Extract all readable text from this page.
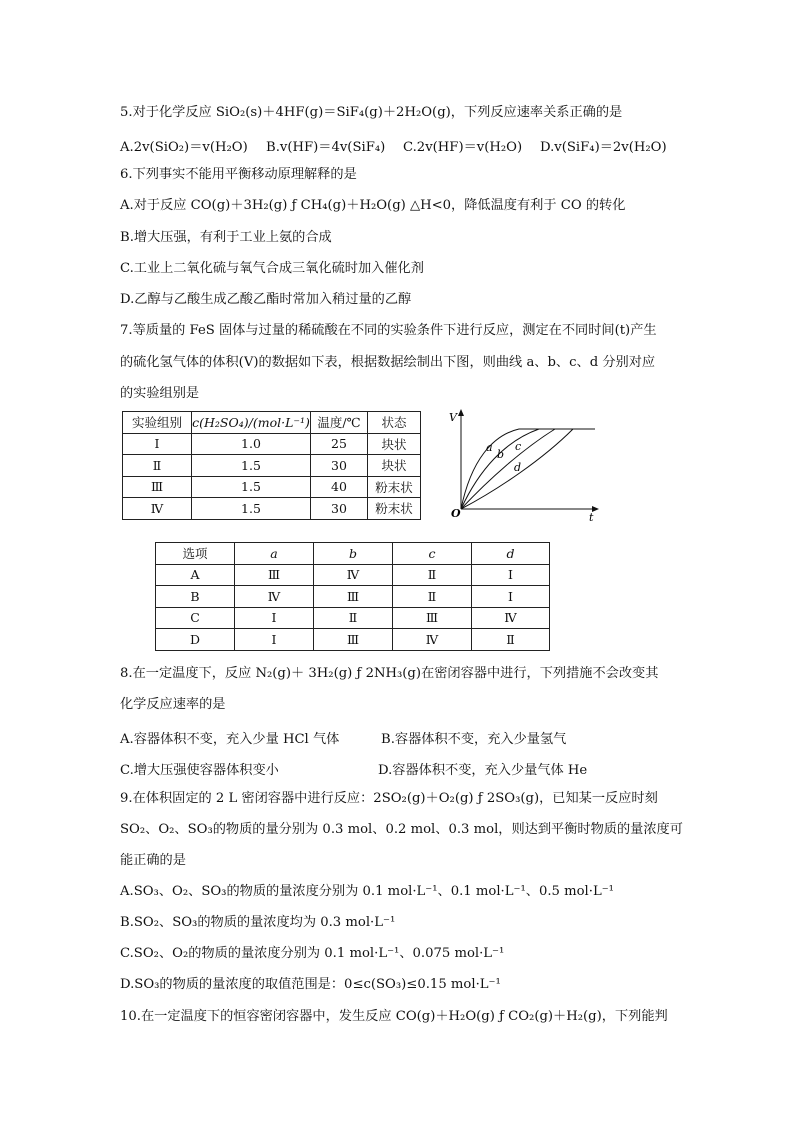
5.对于化学反应 SiO₂(s)＋4HF(g)＝SiF₄(g)＋2H₂O(g)，下列反应速率关系正确的是
A.2v(SiO₂)＝v(H₂O) B.v(HF)＝4v(SiF₄) C.2v(HF)＝v(H₂O) D.v(SiF₄)＝2v(H₂O)
6.下列事实不能用平衡移动原理解释的是
A.对于反应 CO(g)＋3H₂(g) ƒ CH₄(g)＋H₂O(g) △H<0，降低温度有利于 CO 的转化
B.增大压强，有利于工业上氨的合成
C.工业上二氧化硫与氧气合成三氧化硫时加入催化剂
D.乙醇与乙酸生成乙酸乙酯时常加入稍过量的乙醇
7.等质量的 FeS 固体与过量的稀硫酸在不同的实验条件下进行反应，测定在不同时间(t)产生
的硫化氢气体的体积(V)的数据如下表，根据数据绘制出下图，则曲线 a、b、c、d 分别对应
的实验组别是
实验组别	c(H₂SO₄)/(mol·L⁻¹)	温度/℃	状态
Ⅰ	1.0	25	块状
Ⅱ	1.5	30	块状
Ⅲ	1.5	40	粉末状
Ⅳ	1.5	30	粉末状
V
t
O
a
b
c
d
选项	a	b	c	d
A	Ⅲ	Ⅳ	Ⅱ	Ⅰ
B	Ⅳ	Ⅲ	Ⅱ	Ⅰ
C	Ⅰ	Ⅱ	Ⅲ	Ⅳ
D	Ⅰ	Ⅲ	Ⅳ	Ⅱ
8.在一定温度下，反应 N₂(g)＋ 3H₂(g) ƒ 2NH₃(g)在密闭容器中进行，下列措施不会改变其
化学反应速率的是
A.容器体积不变，充入少量 HCl 气体	B.容器体积不变，充入少量氢气
C.增大压强使容器体积变小	D.容器体积不变，充入少量气体 He
9.在体积固定的 2 L 密闭容器中进行反应：2SO₂(g)＋O₂(g) ƒ 2SO₃(g)，已知某一反应时刻
SO₂、O₂、SO₃的物质的量分别为 0.3 mol、0.2 mol、0.3 mol，则达到平衡时物质的量浓度可
能正确的是
A.SO₃、O₂、SO₃的物质的量浓度分别为 0.1 mol·L⁻¹、0.1 mol·L⁻¹、0.5 mol·L⁻¹
B.SO₂、SO₃的物质的量浓度均为 0.3 mol·L⁻¹
C.SO₂、O₂的物质的量浓度分别为 0.1 mol·L⁻¹、0.075 mol·L⁻¹
D.SO₃的物质的量浓度的取值范围是：0≤c(SO₃)≤0.15 mol·L⁻¹
10.在一定温度下的恒容密闭容器中，发生反应 CO(g)＋H₂O(g) ƒ CO₂(g)＋H₂(g)，下列能判
